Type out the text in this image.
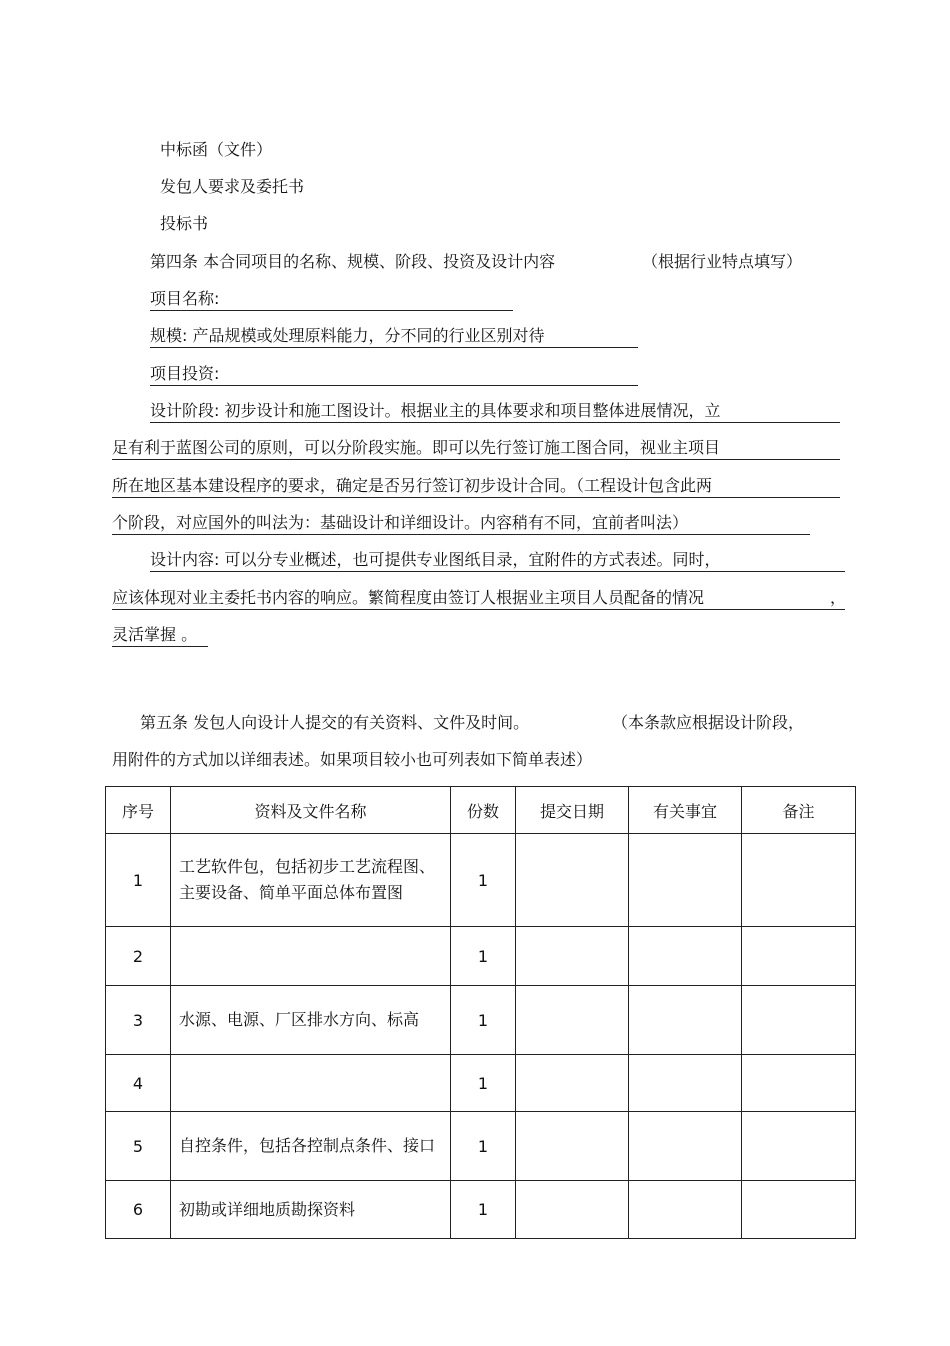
中标函（文件）
发包人要求及委托书
投标书
第四条 本合同项目的名称、规模、阶段、投资及设计内容	（根据行业特点填写）
项目名称:
规模: 产品规模或处理原料能力，分不同的行业区别对待
项目投资:
设计阶段: 初步设计和施工图设计。根据业主的具体要求和项目整体进展情况，立
足有利于蓝图公司的原则，可以分阶段实施。即可以先行签订施工图合同，视业主项目
所在地区基本建设程序的要求，确定是否另行签订初步设计合同。（工程设计包含此两
个阶段，对应国外的叫法为：基础设计和详细设计。内容稍有不同，宜前者叫法）
设计内容: 可以分专业概述，也可提供专业图纸目录，宜附件的方式表述。同时，
应该体现对业主委托书内容的响应。繁简程度由签订人根据业主项目人员配备的情况	，
灵活掌握 。
第五条 发包人向设计人提交的有关资料、文件及时间。	（本条款应根据设计阶段，
用附件的方式加以详细表述。如果项目较小也可列表如下简单表述）
序号	资料及文件名称	份数	提交日期	有关事宜	备注
1	工艺软件包，包括初步工艺流程图、主要设备、简单平面总体布置图	1			
2		1			
3	水源、电源、厂区排水方向、标高	1			
4		1			
5	自控条件，包括各控制点条件、接口	1			
6	初勘或详细地质勘探资料	1			
